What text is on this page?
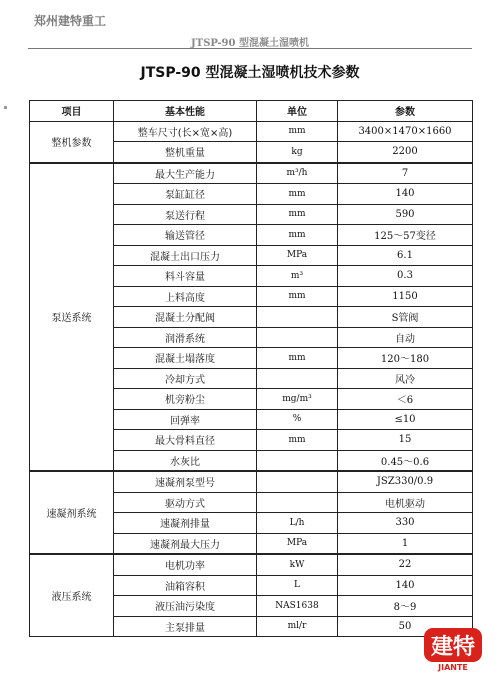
郑州建特重工
JTSP-90 型混凝土湿喷机
JTSP-90 型混凝土湿喷机技术参数
项目	基本性能	单位	参数
整机参数	整车尺寸(长×宽×高)	mm	3400×1470×1660
	整机重量	kg	2200
泵送系统	最大生产能力	m³/h	7
	泵缸缸径	mm	140
	泵送行程	mm	590
	输送管径	mm	125～57变径
	混凝土出口压力	MPa	6.1
	料斗容量	m³	0.3
	上料高度	mm	1150
	混凝土分配阀		S管阀
	润滑系统		自动
	混凝土塌落度	mm	120～180
	冷却方式		风冷
	机旁粉尘	mg/m³	＜6
	回弹率	%	≤10
	最大骨料直径	mm	15
	水灰比		0.45～0.6
速凝剂系统	速凝剂泵型号		JSZ330/0.9
	驱动方式		电机驱动
	速凝剂排量	L/h	330
	速凝剂最大压力	MPa	1
液压系统	电机功率	kW	22
	油箱容积	L	140
	液压油污染度	NAS1638	8～9
	主泵排量	ml/r	50
建特
JIANTE
